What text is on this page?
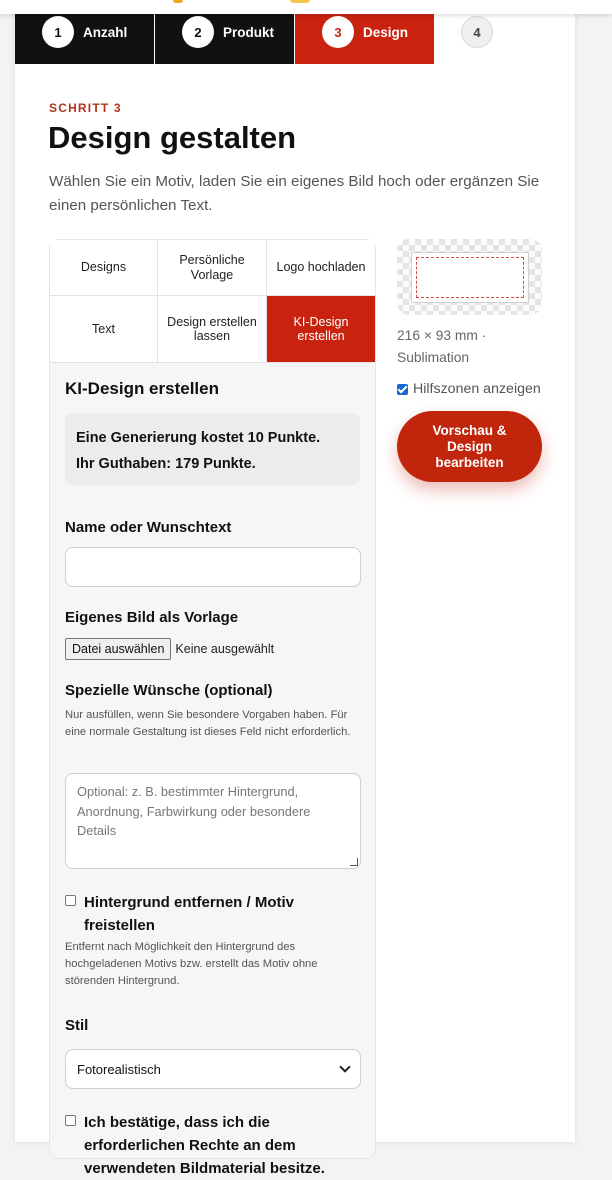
1	Anzahl	2	Produkt	3	Design	4
SCHRITT 3
Design gestalten

Wählen Sie ein Motiv, laden Sie ein eigenes Bild hoch oder ergänzen Sie einen persönlichen Text.

Designs
Persönliche Vorlage
Logo hochladen
Text
Design erstellen lassen
KI-Design erstellen
KI-Design erstellen
Eine Generierung kostet 10 Punkte.
Ihr Guthaben: 179 Punkte.
Name oder Wunschtext
Eigenes Bild als Vorlage
Datei auswählen Keine ausgewählt
Spezielle Wünsche (optional)
Nur ausfüllen, wenn Sie besondere Vorgaben haben. Für eine normale Gestaltung ist dieses Feld nicht erforderlich.
Optional: z. B. bestimmter Hintergrund, Anordnung, Farbwirkung oder besondere Details
Hintergrund entfernen / Motiv freistellen
Entfernt nach Möglichkeit den Hintergrund des hochgeladenen Motivs bzw. erstellt das Motiv ohne störenden Hintergrund.
Stil
Fotorealistisch
Ich bestätige, dass ich die erforderlichen Rechte an dem verwendeten Bildmaterial besitze.
216 × 93 mm ·
Sublimation
Hilfszonen anzeigen
Vorschau & Design bearbeiten
